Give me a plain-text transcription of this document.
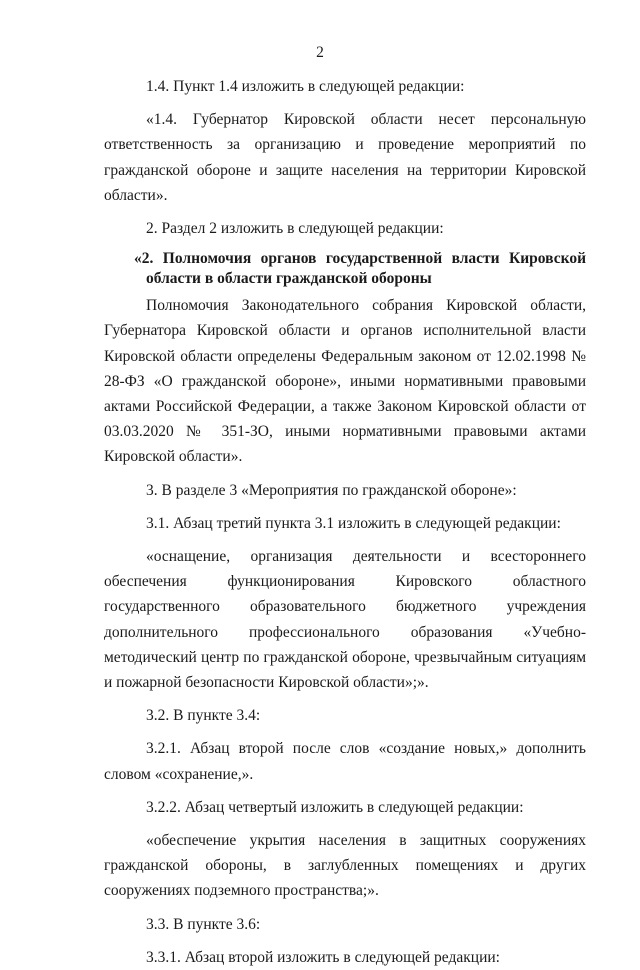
2

1.4. Пункт 1.4 изложить в следующей редакции:

«1.4. Губернатор Кировской области несет персональную ответственность за организацию и проведение мероприятий по гражданской обороне и защите населения на территории Кировской области».

2. Раздел 2 изложить в следующей редакции:

«2. Полномочия органов государственной власти Кировской области в области гражданской обороны

Полномочия Законодательного собрания Кировской области, Губернатора Кировской области и органов исполнительной власти Кировской области определены Федеральным законом от 12.02.1998 № 28-ФЗ «О гражданской обороне», иными нормативными правовыми актами Российской Федерации, а также Законом Кировской области от 03.03.2020 № 351-ЗО, иными нормативными правовыми актами Кировской области».

3. В разделе 3 «Мероприятия по гражданской обороне»:

3.1. Абзац третий пункта 3.1 изложить в следующей редакции:

«оснащение, организация деятельности и всестороннего обеспечения функционирования Кировского областного государственного образовательного бюджетного учреждения дополнительного профессионального образования «Учебно-методический центр по гражданской обороне, чрезвычайным ситуациям и пожарной безопасности Кировской области»;».

3.2. В пункте 3.4:

3.2.1. Абзац второй после слов «создание новых,» дополнить словом «сохранение,».

3.2.2. Абзац четвертый изложить в следующей редакции:

«обеспечение укрытия населения в защитных сооружениях гражданской обороны, в заглубленных помещениях и других сооружениях подземного пространства;».

3.3. В пункте 3.6:

3.3.1. Абзац второй изложить в следующей редакции:
